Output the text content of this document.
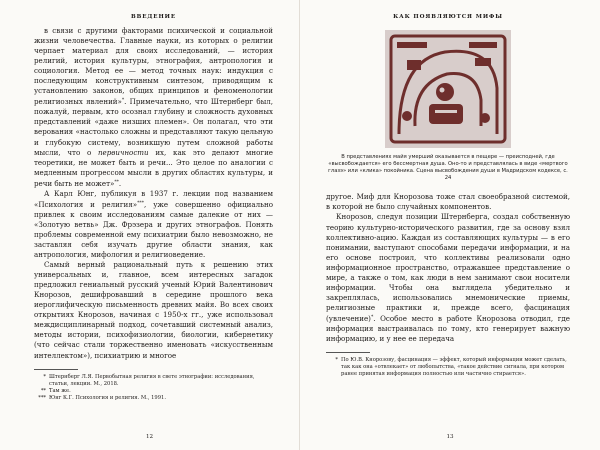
ВВЕДЕНИЕ

в связи с другими факторами психической и социальной жизни человечества. Главные науки, из которых о религии черпает материал для своих исследований, — история религий, история культуры, этнография, антропология и социология. Метод ее — метод точных наук: индукция с последующим конструктивным синтезом, приводящим к установлению законов, общих принципов и феноменологии религиозных явлений»*. Примечательно, что Штернберг был, пожалуй, первым, кто осознал глубину и сложность духовных представлений «даже низших племен». Он полагал, что эти верования «настолько сложны и представляют такую цельную и глубокую систему, возникшую путем сложной работы мысли, что о первичности их, как это делают многие теоретики, не может быть и речи... Это целое по аналогии с медленным прогрессом мысли в других областях культуры, и речи быть не может»**.

А Карл Юнг, публикуя в 1937 г. лекции под названием «Психология и религия»***, уже совершенно официально привлек к своим исследованиям самые далекие от них — «Золотую ветвь» Дж. Фрэзера и других этнографов. Понять проблемы современной ему психиатрии было невозможно, не заставляя себя изучать другие области знания, как антропология, мифология и религиоведение.

Самый верный рациональный путь к решению этих универсальных и, главное, всем интересных загадок предложил гениальный русский ученый Юрий Валентинович Кнорозов, дешифровавший в середине прошлого века иероглифическую письменность древних майя. Во всех своих открытиях Кнорозов, начиная с 1950-х гг., уже использовал междисциплинарный подход, сочетавший системный анализ, методы истории, психофизиологии, биологии, кибернетику (что сейчас стали торжественно именовать «искусственным интеллектом»), психиатрию и многое

* Штернберг Л.Я. Первобытная религия в свете этнографии: исследования, статьи, лекции. М., 2018.
** Там же.
*** Юнг К.Г. Психология и религия. М., 1991.
12
КАК ПОЯВЛЯЮТСЯ МИФЫ
В представлениях майя умерший оказывается в пещере — преисподней, где «высвобождается» его бессмертная душа. Оно-то и представлялась в виде «мертвого глазэ» или «клика» покойника. Сцена высвобождения души в Мадридском кодексе, с. 24

другое. Миф для Кнорозова тоже стал своеобразной системой, в которой не было случайных компонентов.

Кнорозов, следуя позиции Штернберга, создал собственную теорию культурно-исторического развития, где за основу взял коллективно-ацию. Каждая из составляющих культуры — в его понимании, выступают способами передачи информации, и на его основе построил, что коллективы реализовали одно информационное пространство, отражавшее представление о мире, а также о том, как люди в нем занимают свои носители информации. Чтобы она выглядела убедительно и закреплялась, использовались мнемонические приемы, религиозные практики и, прежде всего, фасцинация (увлечение)*. Особое место в работе Кнорозова отводил, где информация выстраивалась по тому, кто генерирует важную информацию, и у нее ее передача

* По Ю.В. Кнорозову, фасцинация — эффект, который информации может сделать, так как она «отвлекает» от любопытства, «такое действие сигнала, при котором ранее принятая информация полностью или частично стирается».
13
